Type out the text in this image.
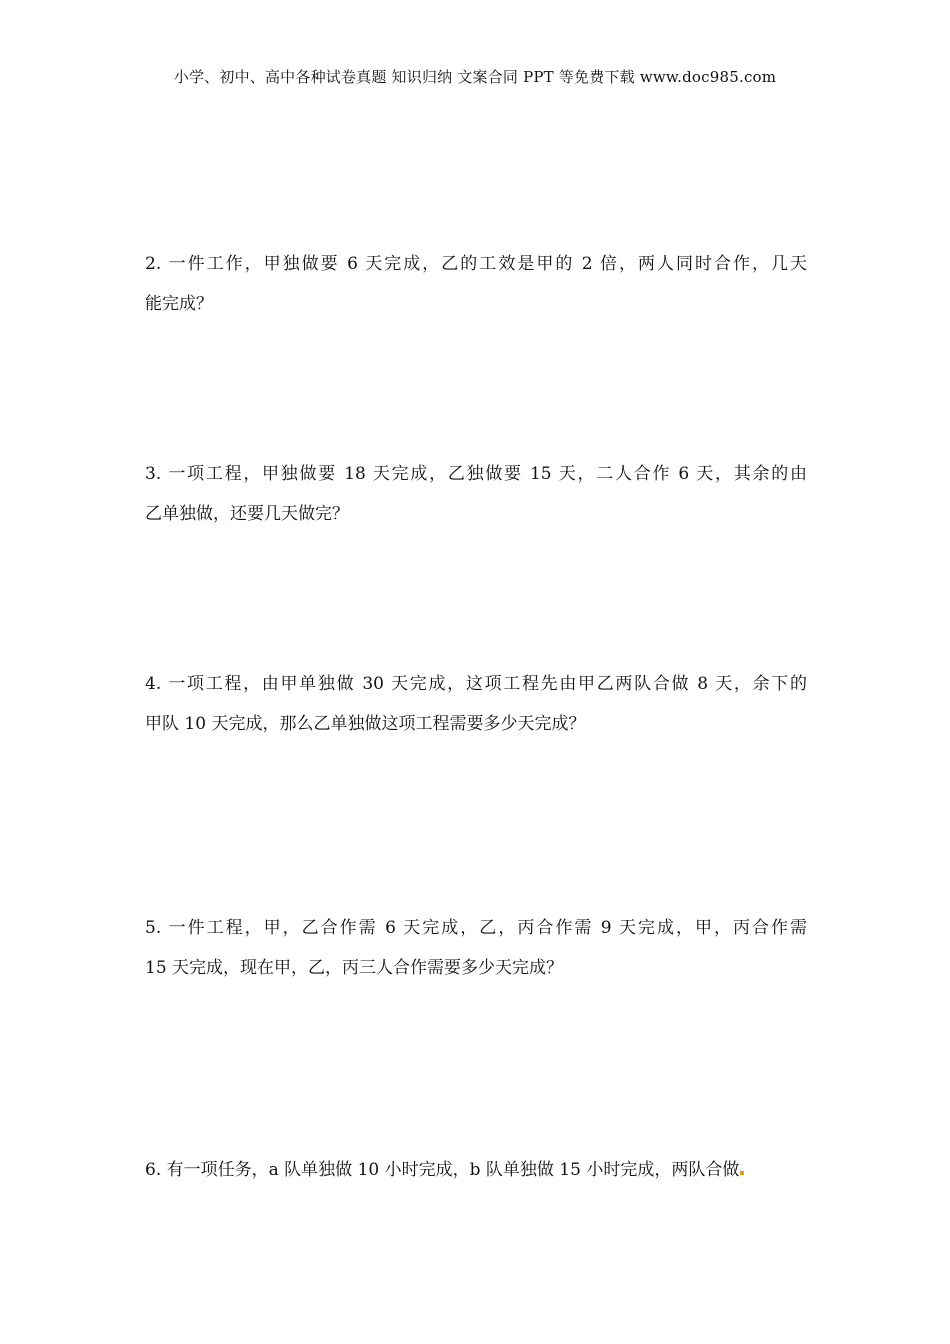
小学、初中、高中各种试卷真题 知识归纳 文案合同 PPT 等免费下载 www.doc985.com
2. 一件工作，甲独做要 6 天完成，乙的工效是甲的 2 倍，两人同时合作，几天
能完成？
3. 一项工程，甲独做要 18 天完成，乙独做要 15 天，二人合作 6 天，其余的由
乙单独做，还要几天做完？
4. 一项工程，由甲单独做 30 天完成，这项工程先由甲乙两队合做 8 天，余下的
甲队 10 天完成，那么乙单独做这项工程需要多少天完成？
5. 一件工程，甲，乙合作需 6 天完成，乙，丙合作需 9 天完成，甲，丙合作需
15 天完成，现在甲，乙，丙三人合作需要多少天完成？
6. 有一项任务，a 队单独做 10 小时完成，b 队单独做 15 小时完成，两队合做
